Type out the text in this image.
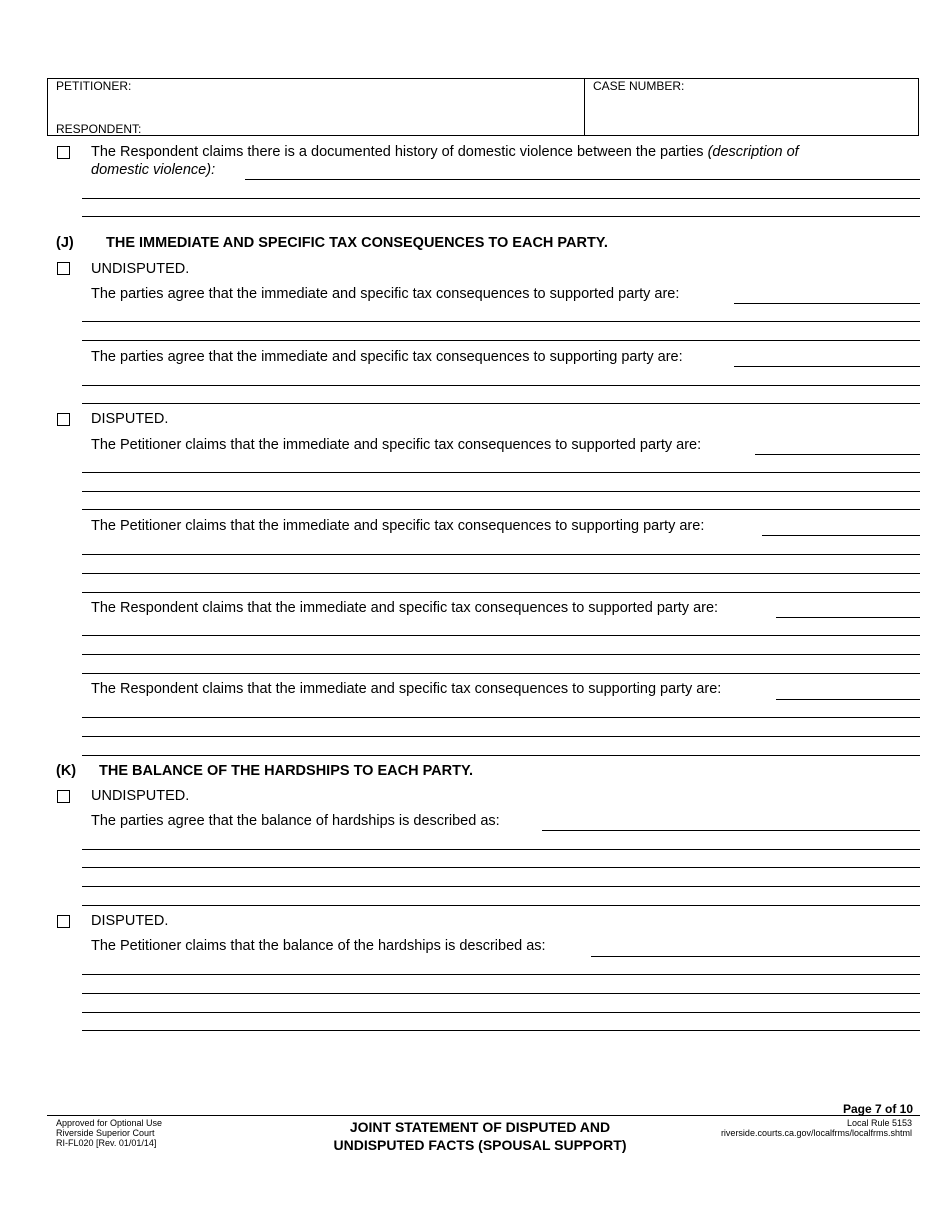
PETITIONER:
RESPONDENT:
CASE NUMBER:
The Respondent claims there is a documented history of domestic violence between the parties (description of
domestic violence):
(J) THE IMMEDIATE AND SPECIFIC TAX CONSEQUENCES TO EACH PARTY.
UNDISPUTED.
The parties agree that the immediate and specific tax consequences to supported party are:
The parties agree that the immediate and specific tax consequences to supporting party are:
DISPUTED.
The Petitioner claims that the immediate and specific tax consequences to supported party are:
The Petitioner claims that the immediate and specific tax consequences to supporting party are:
The Respondent claims that the immediate and specific tax consequences to supported party are:
The Respondent claims that the immediate and specific tax consequences to supporting party are:
(K) THE BALANCE OF THE HARDSHIPS TO EACH PARTY.
UNDISPUTED.
The parties agree that the balance of hardships is described as:
DISPUTED.
The Petitioner claims that the balance of the hardships is described as:
Approved for Optional Use
Riverside Superior Court
RI-FL020 [Rev. 01/01/14]
JOINT STATEMENT OF DISPUTED AND
UNDISPUTED FACTS (SPOUSAL SUPPORT)
Page 7 of 10
Local Rule 5153
riverside.courts.ca.gov/localfrms/localfrms.shtml
